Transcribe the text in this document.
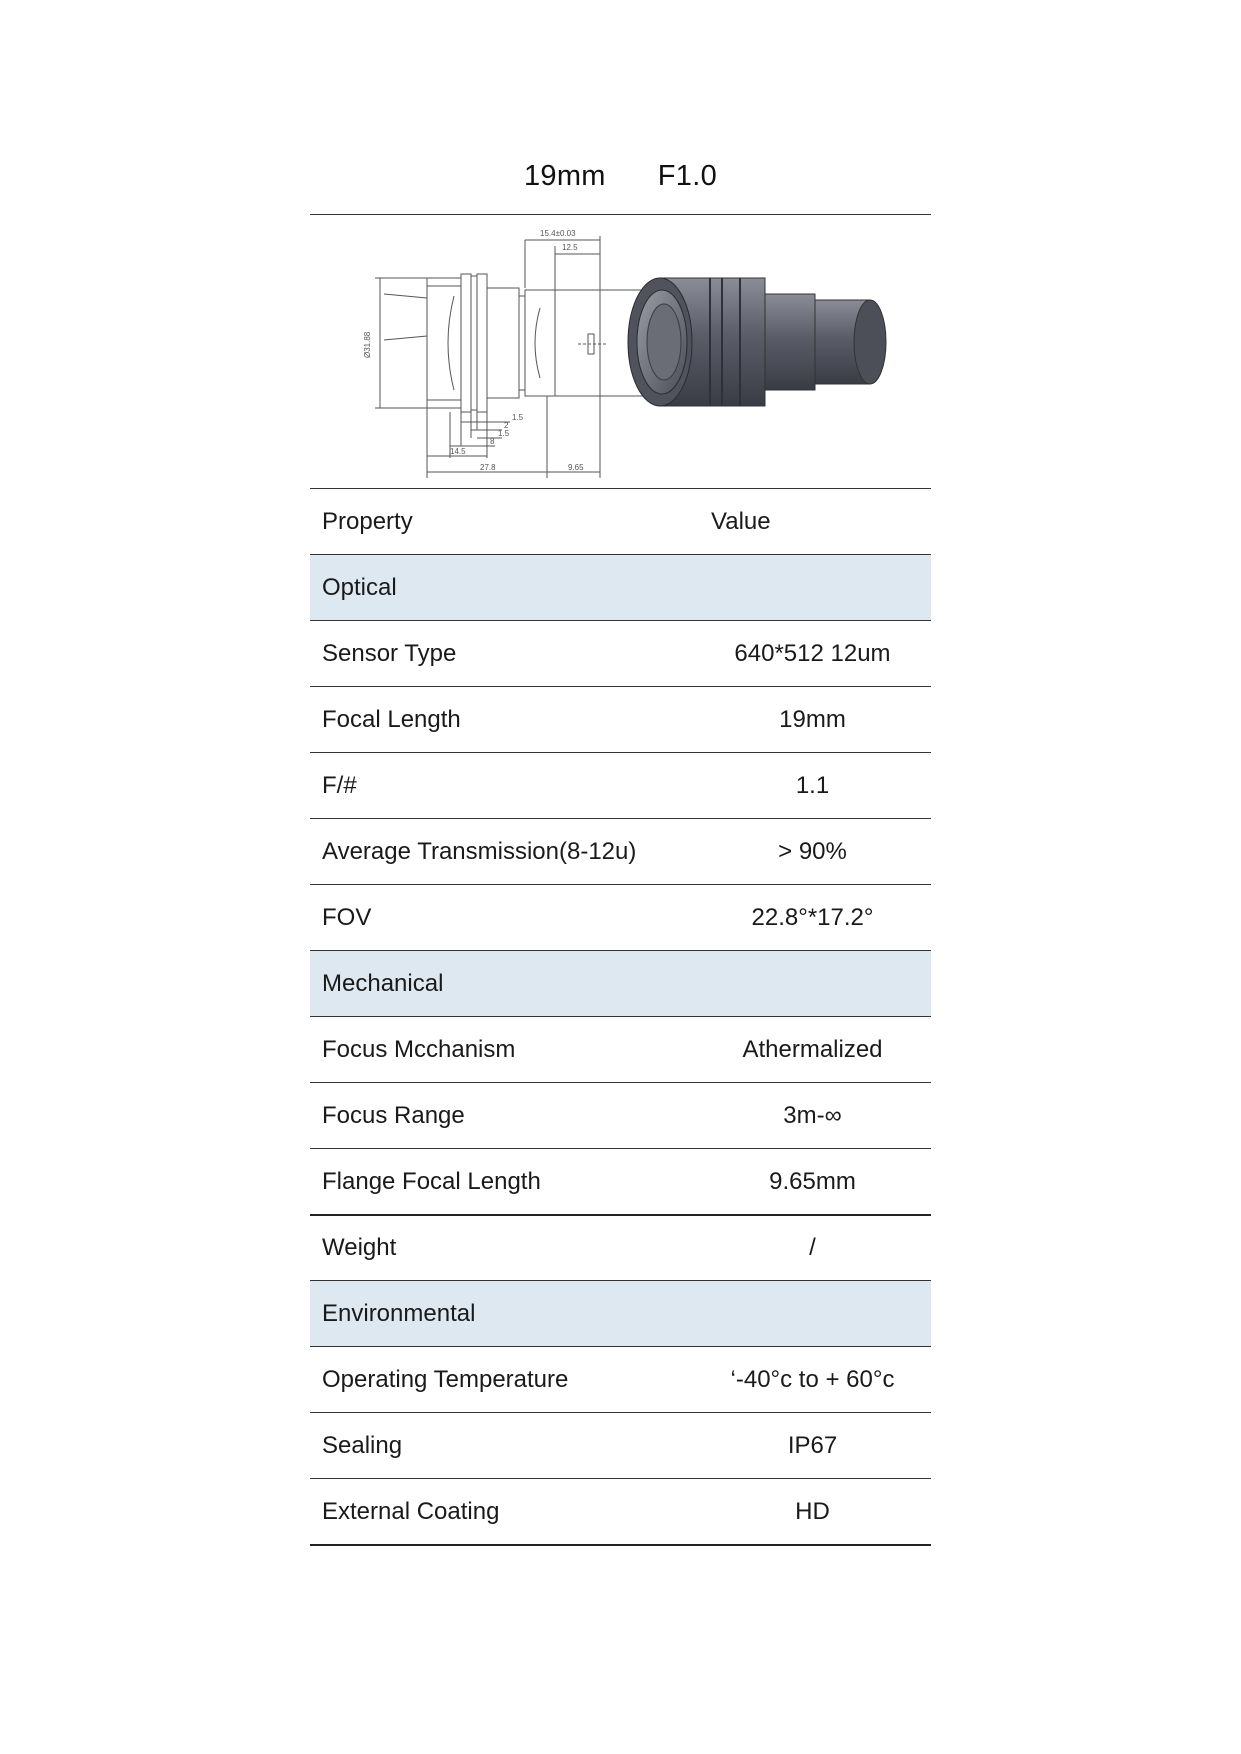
19mm F1.0
15.4±0.03
12.5
Ø31.88
1.5
2
1.5
8
14.5
27.8	9.65
Property	Value
Optical
Sensor Type	640*512 12um
Focal Length	19mm
F/#	1.1
Average Transmission(8-12u)	> 90%
FOV	22.8°*17.2°
Mechanical
Focus Mcchanism	Athermalized
Focus Range	3m-∞
Flange Focal Length	9.65mm
Weight	/
Environmental
Operating Temperature	‘-40°c to + 60°c
Sealing	IP67
External Coating	HD
